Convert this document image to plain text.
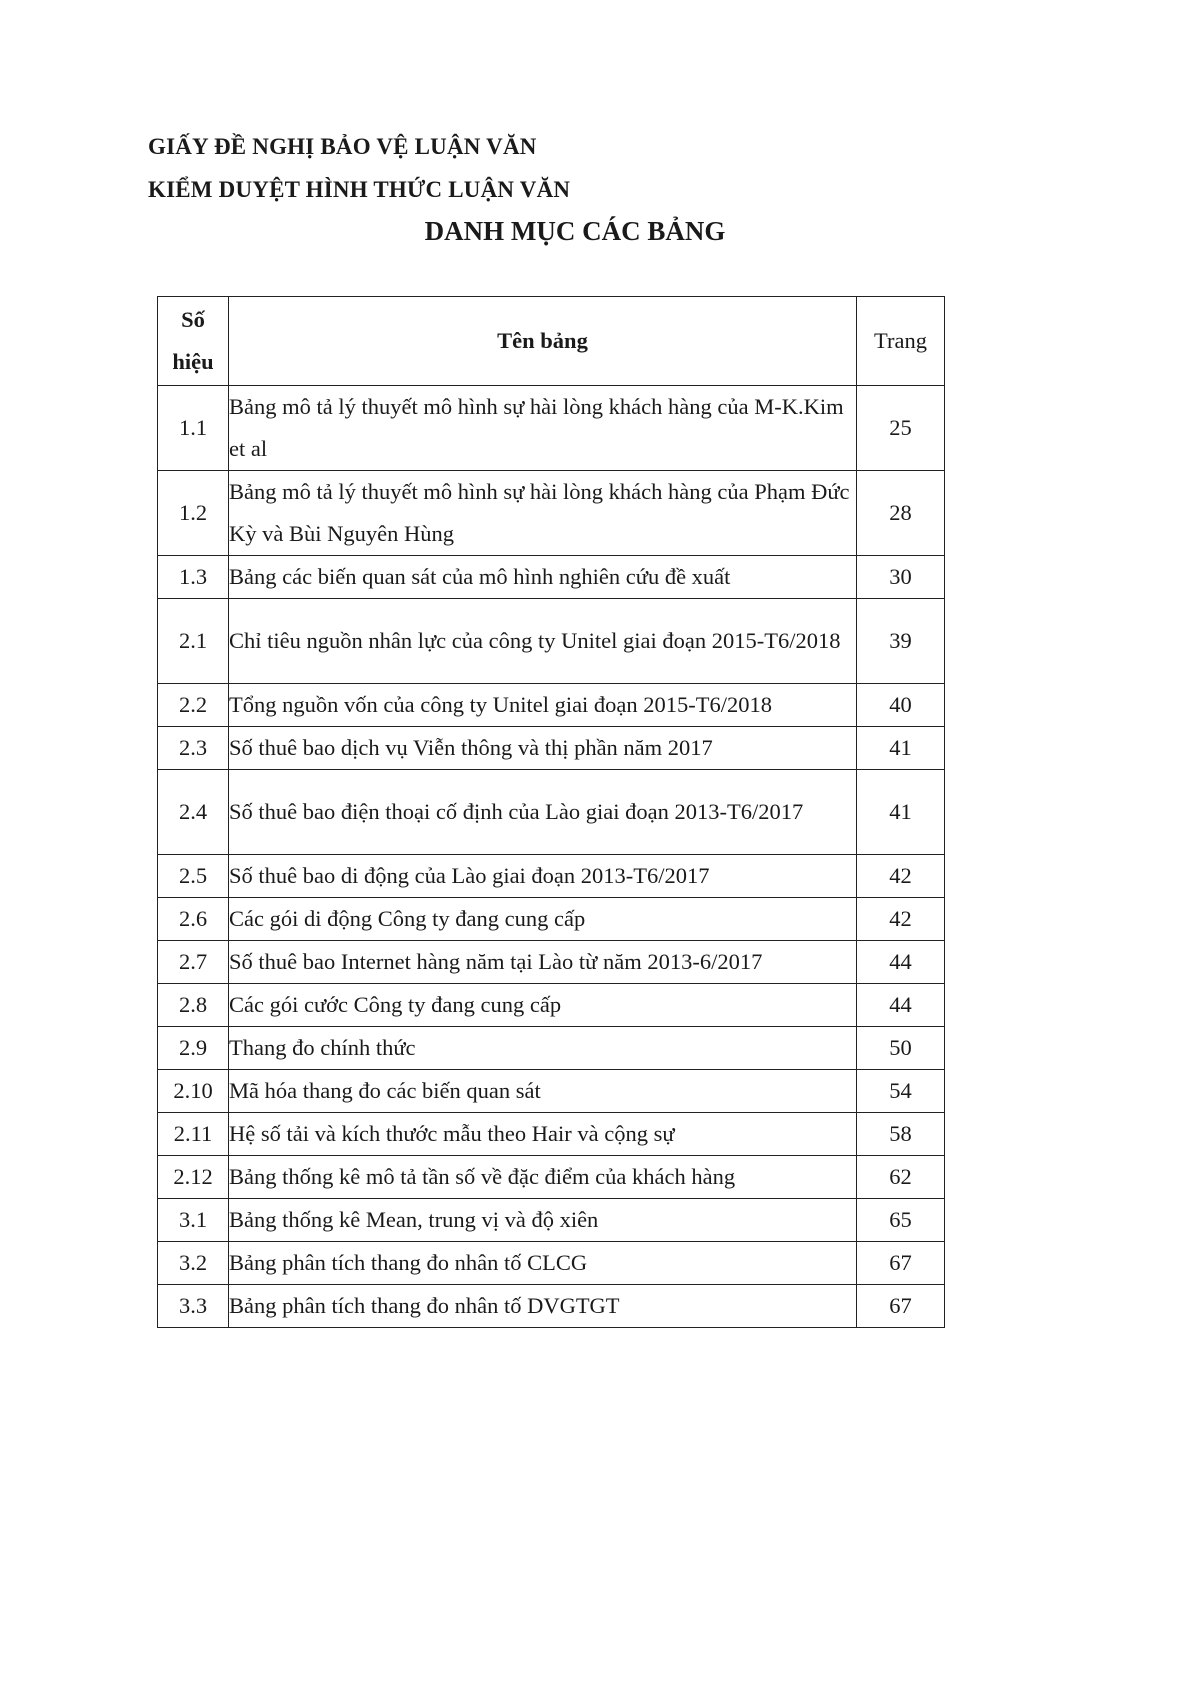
GIẤY ĐỀ NGHỊ BẢO VỆ LUẬN VĂN
KIỂM DUYỆT HÌNH THỨC LUẬN VĂN
DANH MỤC CÁC BẢNG
Số
hiệu	Tên bảng	Trang
1.1	Bảng mô tả lý thuyết mô hình sự hài lòng khách hàng của M-K.Kim et al	25
1.2	Bảng mô tả lý thuyết mô hình sự hài lòng khách hàng của Phạm Đức Kỳ và Bùi Nguyên Hùng	28
1.3	Bảng các biến quan sát của mô hình nghiên cứu đề xuất	30
2.1	Chỉ tiêu nguồn nhân lực của công ty Unitel giai đoạn 2015-T6/2018	39
2.2	Tổng nguồn vốn của công ty Unitel giai đoạn 2015-T6/2018	40
2.3	Số thuê bao dịch vụ Viễn thông và thị phần năm 2017	41
2.4	Số thuê bao điện thoại cố định của Lào giai đoạn 2013-T6/2017	41
2.5	Số thuê bao di động của Lào giai đoạn 2013-T6/2017	42
2.6	Các gói di động Công ty đang cung cấp	42
2.7	Số thuê bao Internet hàng năm tại Lào từ năm 2013-6/2017	44
2.8	Các gói cước Công ty đang cung cấp	44
2.9	Thang đo chính thức	50
2.10	Mã hóa thang đo các biến quan sát	54
2.11	Hệ số tải và kích thước mẫu theo Hair và cộng sự	58
2.12	Bảng thống kê mô tả tần số về đặc điểm của khách hàng	62
3.1	Bảng thống kê Mean, trung vị và độ xiên	65
3.2	Bảng phân tích thang đo nhân tố CLCG	67
3.3	Bảng phân tích thang đo nhân tố DVGTGT	67
